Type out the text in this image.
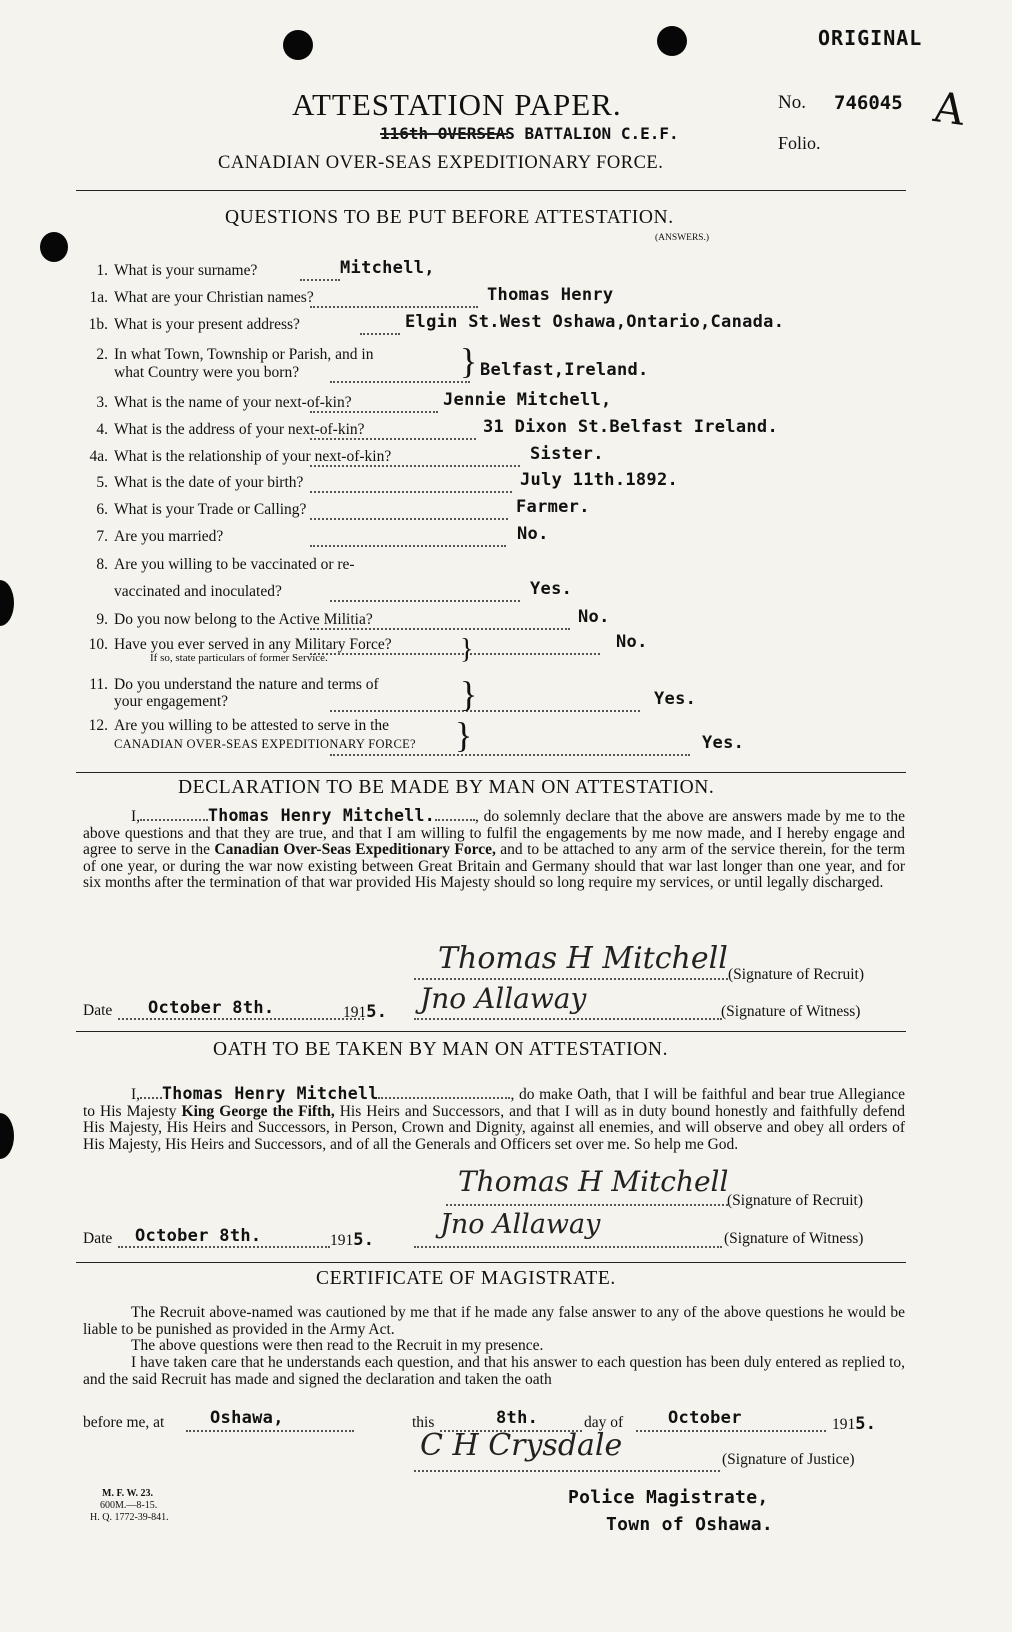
ORIGINAL
ATTESTATION PAPER.
116th OVERSEAS BATTALION C.E.F.
CANADIAN OVER-SEAS EXPEDITIONARY FORCE.
No. 746045
Folio.
A
QUESTIONS TO BE PUT BEFORE ATTESTATION.
(ANSWERS.)
1. What is your surname?	Mitchell,
1a. What are your Christian names?	Thomas Henry
1b. What is your present address?	Elgin St.West Oshawa,Ontario,Canada.
2. In what Town, Township or Parish, and in
what Country were you born?	Belfast,Ireland.
3. What is the name of your next-of-kin?	Jennie Mitchell,
4. What is the address of your next-of-kin?	31 Dixon St.Belfast Ireland.
4a. What is the relationship of your next-of-kin?	Sister.
5. What is the date of your birth?	July 11th.1892.
6. What is your Trade or Calling?	Farmer.
7. Are you married?	No.
8. Are you willing to be vaccinated or re-
vaccinated and inoculated?	Yes.
9. Do you now belong to the Active Militia?	No.
10. Have you ever served in any Military Force?
If so, state particulars of former Service.
No.
11. Do you understand the nature and terms of
your engagement?	Yes.
12. Are you willing to be attested to serve in the
CANADIAN OVER-SEAS EXPEDITIONARY FORCE?	Yes.
}
}
}
}
DECLARATION TO BE MADE BY MAN ON ATTESTATION.
I,	Thomas Henry Mitchell.	, do solemnly declare that the above are answers made by me to the above questions and that they are true, and that I am willing to fulfil the engagements by me now made, and I hereby engage and agree to serve in the Canadian Over-Seas Expeditionary Force, and to be attached to any arm of the service therein, for the term of one year, or during the war now existing between Great Britain and Germany should that war last longer than one year, and for six months after the termination of that war provided His Majesty should so long require my services, or until legally discharged.
Thomas H Mitchell (Signature of Recruit)
Date October 8th.	1915. Jno Allaway	(Signature of Witness)
OATH TO BE TAKEN BY MAN ON ATTESTATION.
I, Thomas Henry Mitchell	, do make Oath, that I will be faithful and bear true Allegiance to His Majesty King George the Fifth, His Heirs and Successors, and that I will as in duty bound honestly and faithfully defend His Majesty, His Heirs and Successors, in Person, Crown and Dignity, against all enemies, and will observe and obey all orders of His Majesty, His Heirs and Successors, and of all the Generals and Officers set over me. So help me God.
Thomas H Mitchell
(Signature of Recruit)
Date October 8th.	1915. Jno Allaway	(Signature of Witness)
CERTIFICATE OF MAGISTRATE.
The Recruit above-named was cautioned by me that if he made any false answer to any of the above questions he would be liable to be punished as provided in the Army Act.
The above questions were then read to the Recruit in my presence.
I have taken care that he understands each question, and that his answer to each question has been duly entered as replied to, and the said Recruit has made and signed the declaration and taken the oath
before me, at	Oshawa,	this	8th.	day of	October	1915.
C H Crysdale	(Signature of Justice)
Police Magistrate,
Town of Oshawa.
M. F. W. 23.
600M.—8-15.
H. Q. 1772-39-841.
